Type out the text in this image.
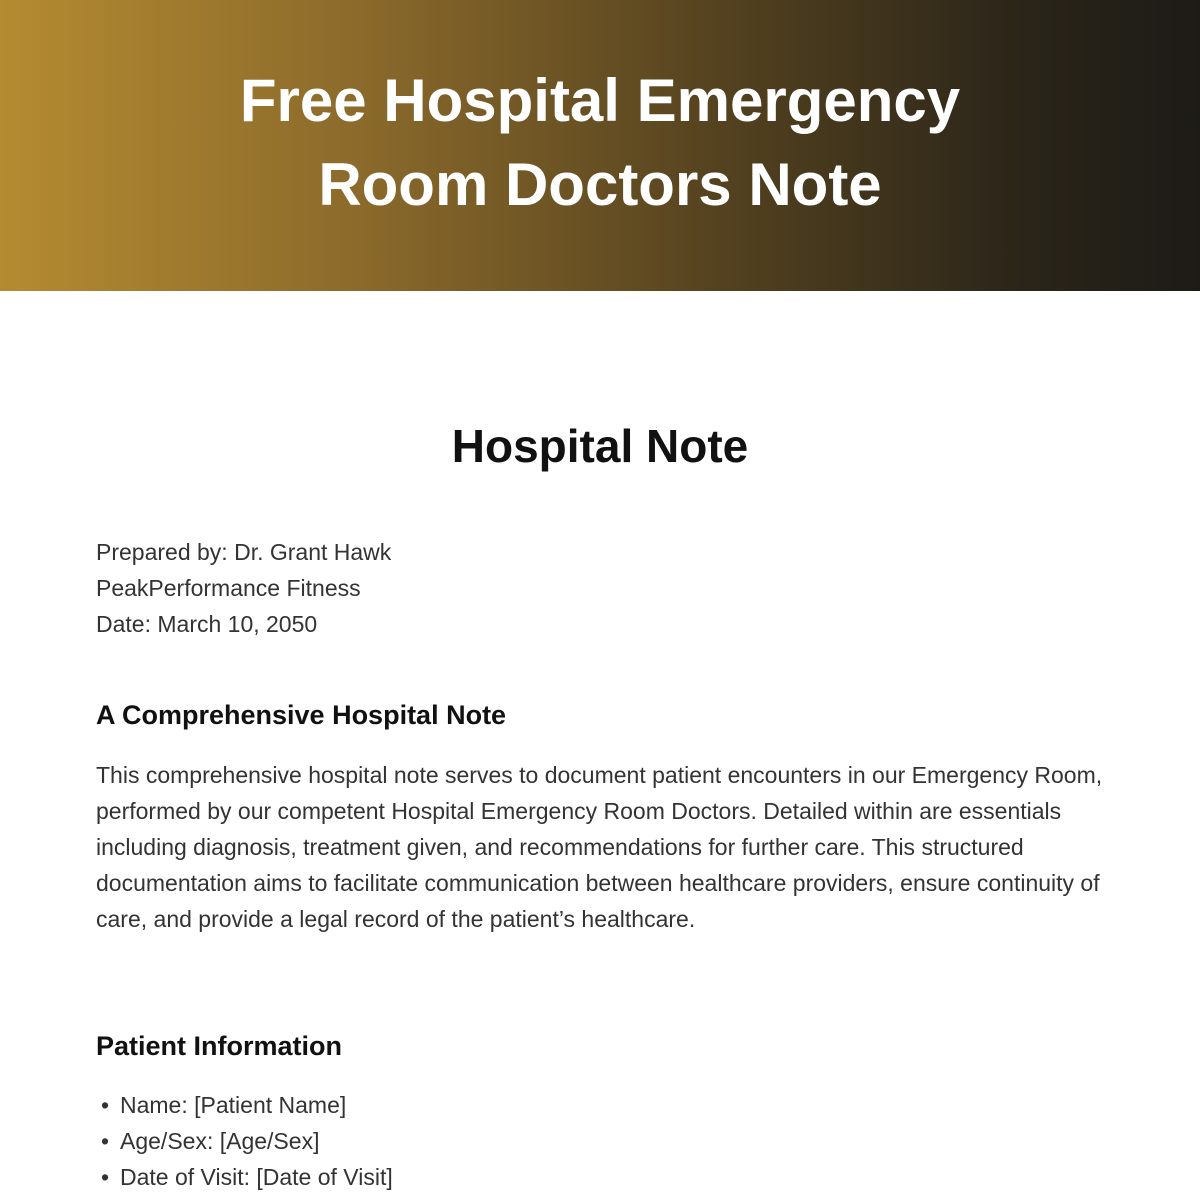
Free Hospital Emergency Room Doctors Note
Hospital Note
Prepared by: Dr. Grant Hawk
PeakPerformance Fitness
Date: March 10, 2050
A Comprehensive Hospital Note

This comprehensive hospital note serves to document patient encounters in our Emergency Room, performed by our competent Hospital Emergency Room Doctors. Detailed within are essentials including diagnosis, treatment given, and recommendations for further care. This structured documentation aims to facilitate communication between healthcare providers, ensure continuity of care, and provide a legal record of the patient’s healthcare.

Patient Information
• Name: [Patient Name]
• Age/Sex: [Age/Sex]
• Date of Visit: [Date of Visit]
